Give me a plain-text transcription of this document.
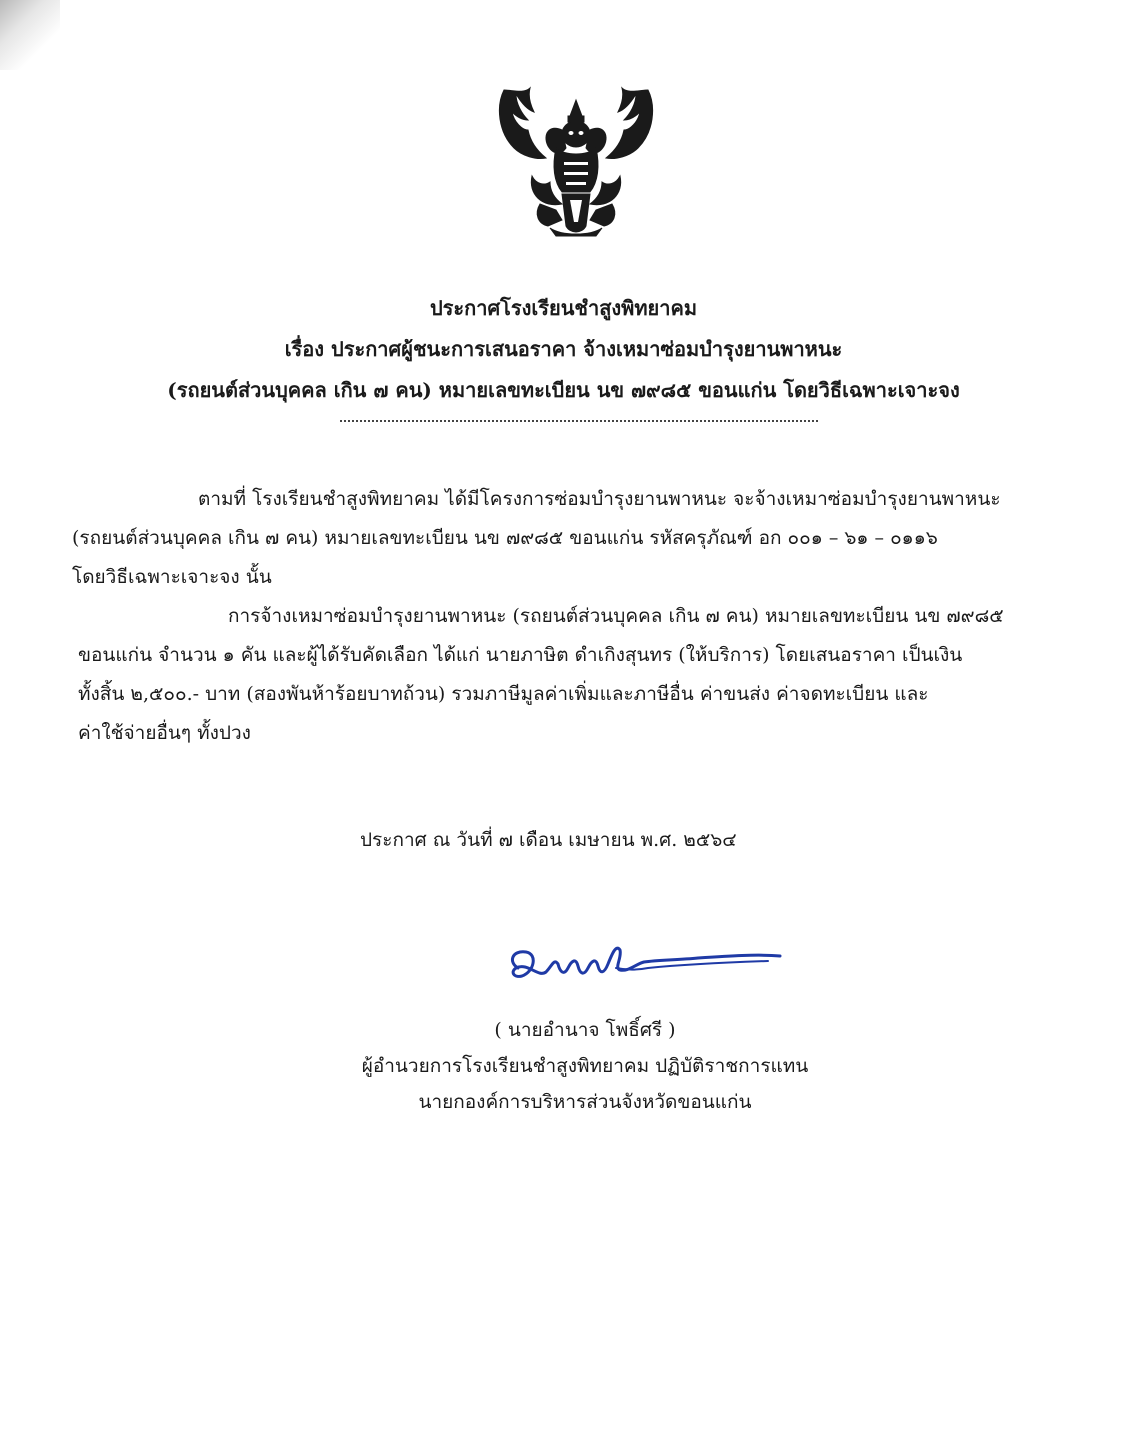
ประกาศโรงเรียนชำสูงพิทยาคม
เรื่อง ประกาศผู้ชนะการเสนอราคา จ้างเหมาซ่อมบำรุงยานพาหนะ
(รถยนต์ส่วนบุคคล เกิน ๗ คน) หมายเลขทะเบียน นข ๗๙๘๕ ขอนแก่น โดยวิธีเฉพาะเจาะจง
ตามที่ โรงเรียนชำสูงพิทยาคม ได้มีโครงการซ่อมบำรุงยานพาหนะ จะจ้างเหมาซ่อมบำรุงยานพาหนะ
(รถยนต์ส่วนบุคคล เกิน ๗ คน) หมายเลขทะเบียน นข ๗๙๘๕ ขอนแก่น รหัสครุภัณฑ์ อก ๐๐๑ – ๖๑ – ๐๑๑๖
โดยวิธีเฉพาะเจาะจง นั้น
การจ้างเหมาซ่อมบำรุงยานพาหนะ (รถยนต์ส่วนบุคคล เกิน ๗ คน) หมายเลขทะเบียน นข ๗๙๘๕
ขอนแก่น จำนวน ๑ คัน และผู้ได้รับคัดเลือก ได้แก่ นายภาษิต ดำเกิงสุนทร (ให้บริการ) โดยเสนอราคา เป็นเงิน
ทั้งสิ้น ๒,๕๐๐.- บาท (สองพันห้าร้อยบาทถ้วน) รวมภาษีมูลค่าเพิ่มและภาษีอื่น ค่าขนส่ง ค่าจดทะเบียน และ
ค่าใช้จ่ายอื่นๆ ทั้งปวง
ประกาศ ณ วันที่ ๗ เดือน เมษายน พ.ศ. ๒๕๖๔
( นายอำนาจ โพธิ์ศรี )
ผู้อำนวยการโรงเรียนชำสูงพิทยาคม ปฏิบัติราชการแทน
นายกองค์การบริหารส่วนจังหวัดขอนแก่น
